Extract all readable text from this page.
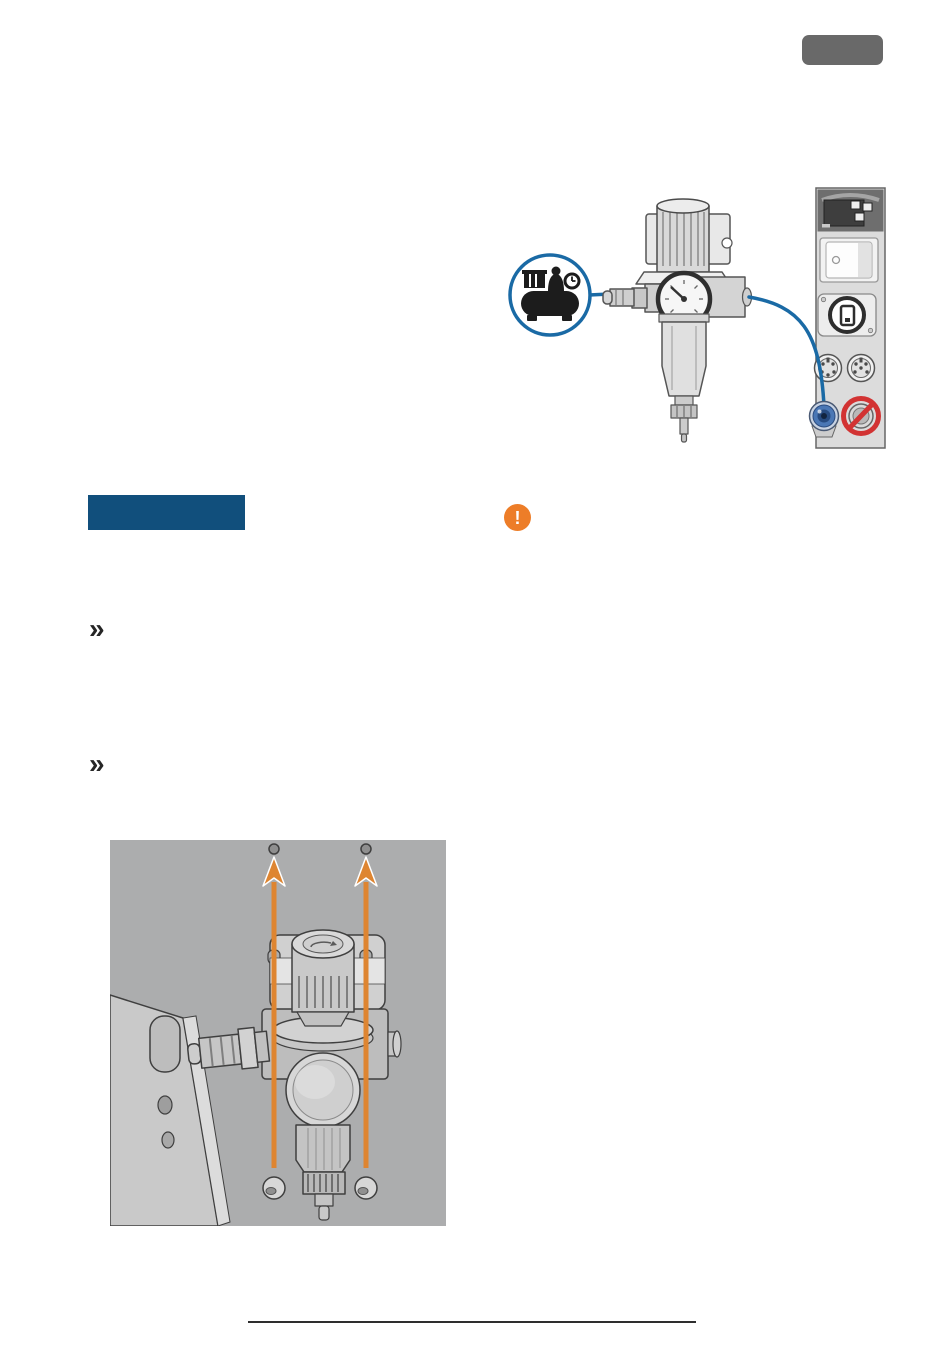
!
»
»
